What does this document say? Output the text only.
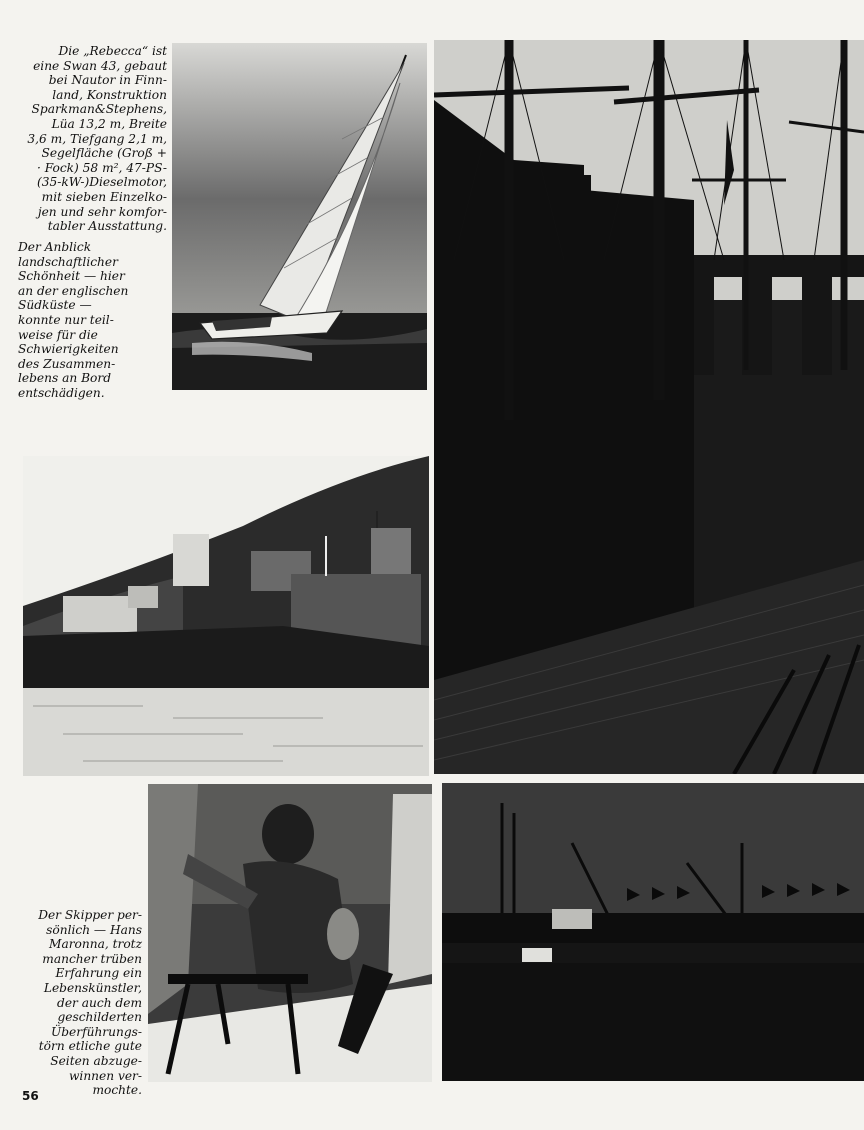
Die „Rebecca“ ist
eine Swan 43, gebaut
bei Nautor in Finn-
land, Konstruktion
Sparkman&Stephens,
Lüa 13,2 m, Breite
3,6 m, Tiefgang 2,1 m,
Segelfläche (Groß +
· Fock) 58 m², 47-PS-
(35-kW-)Dieselmotor,
mit sieben Einzelko-
jen und sehr komfor-
tabler Ausstattung.

Der Anblick
landschaftlicher
Schönheit — hier
an der englischen
Südküste —
konnte nur teil-
weise für die
Schwierigkeiten
des Zusammen-
lebens an Bord
entschädigen.

Der Skipper per-
sönlich — Hans
Maronna, trotz
mancher trüben
Erfahrung ein
Lebenskünstler,
der auch dem
geschilderten
Überführungs-
törn etliche gute
Seiten abzuge-
winnen ver-
mochte.

56
